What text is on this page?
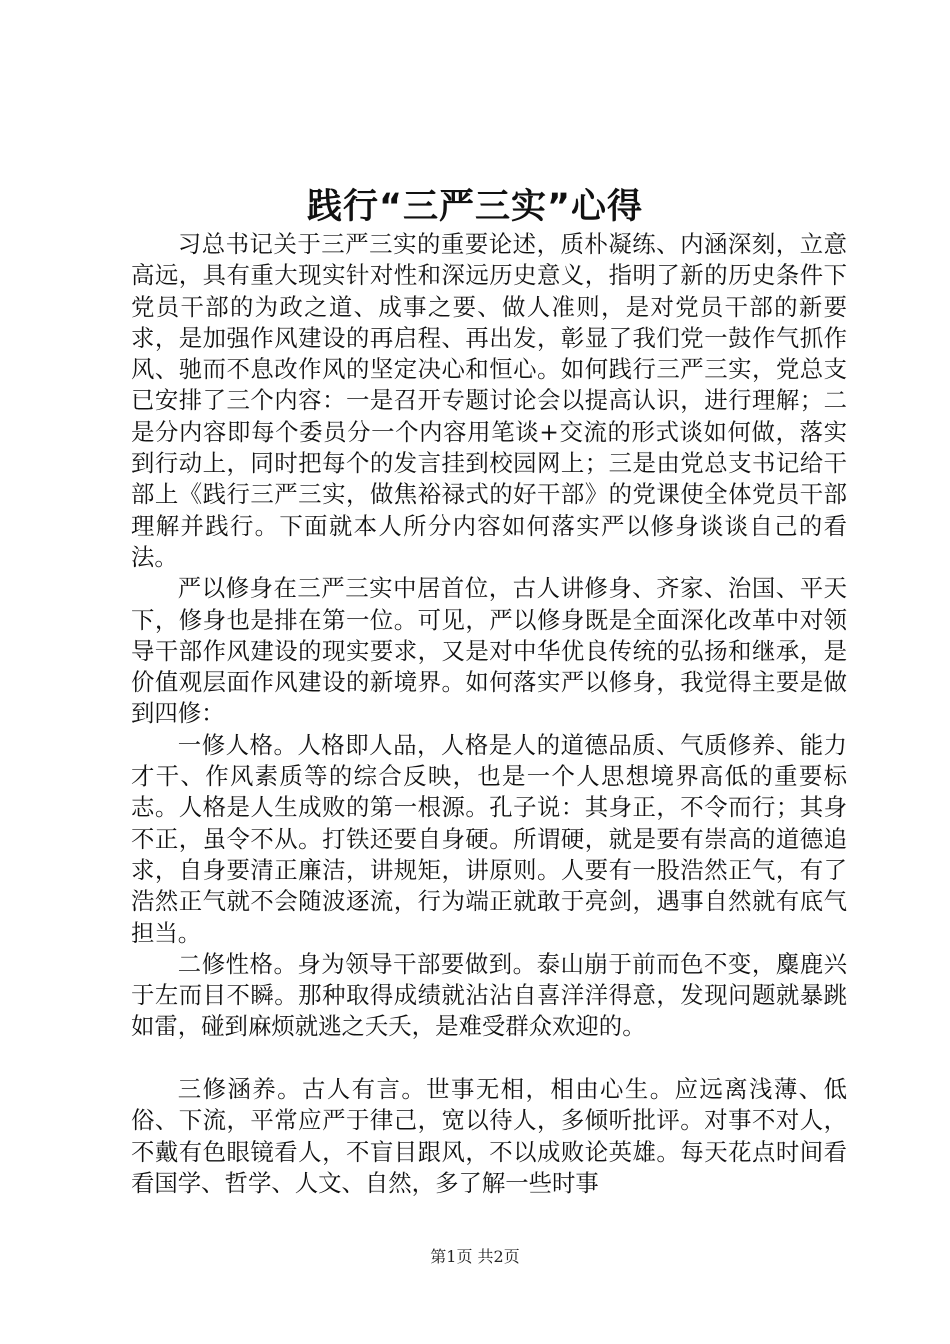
践行“三严三实”心得

习总书记关于三严三实的重要论述，质朴凝练、内涵深刻，立意高远，具有重大现实针对性和深远历史意义，指明了新的历史条件下党员干部的为政之道、成事之要、做人准则，是对党员干部的新要求，是加强作风建设的再启程、再出发，彰显了我们党一鼓作气抓作风、驰而不息改作风的坚定决心和恒心。如何践行三严三实，党总支已安排了三个内容：一是召开专题讨论会以提高认识，进行理解；二是分内容即每个委员分一个内容用笔谈+交流的形式谈如何做，落实到行动上，同时把每个的发言挂到校园网上；三是由党总支书记给干部上《践行三严三实，做焦裕禄式的好干部》的党课使全体党员干部理解并践行。下面就本人所分内容如何落实严以修身谈谈自己的看法。

严以修身在三严三实中居首位，古人讲修身、齐家、治国、平天下，修身也是排在第一位。可见，严以修身既是全面深化改革中对领导干部作风建设的现实要求，又是对中华优良传统的弘扬和继承，是价值观层面作风建设的新境界。如何落实严以修身，我觉得主要是做到四修：

一修人格。人格即人品，人格是人的道德品质、气质修养、能力才干、作风素质等的综合反映，也是一个人思想境界高低的重要标志。人格是人生成败的第一根源。孔子说：其身正，不令而行；其身不正，虽令不从。打铁还要自身硬。所谓硬，就是要有崇高的道德追求，自身要清正廉洁，讲规矩，讲原则。人要有一股浩然正气，有了浩然正气就不会随波逐流，行为端正就敢于亮剑，遇事自然就有底气担当。

二修性格。身为领导干部要做到。泰山崩于前而色不变，麋鹿兴于左而目不瞬。那种取得成绩就沾沾自喜洋洋得意，发现问题就暴跳如雷，碰到麻烦就逃之夭夭，是难受群众欢迎的。

三修涵养。古人有言。世事无相，相由心生。应远离浅薄、低俗、下流，平常应严于律己，宽以待人，多倾听批评。对事不对人，不戴有色眼镜看人，不盲目跟风，不以成败论英雄。每天花点时间看看国学、哲学、人文、自然，多了解一些时事

第1页 共2页
